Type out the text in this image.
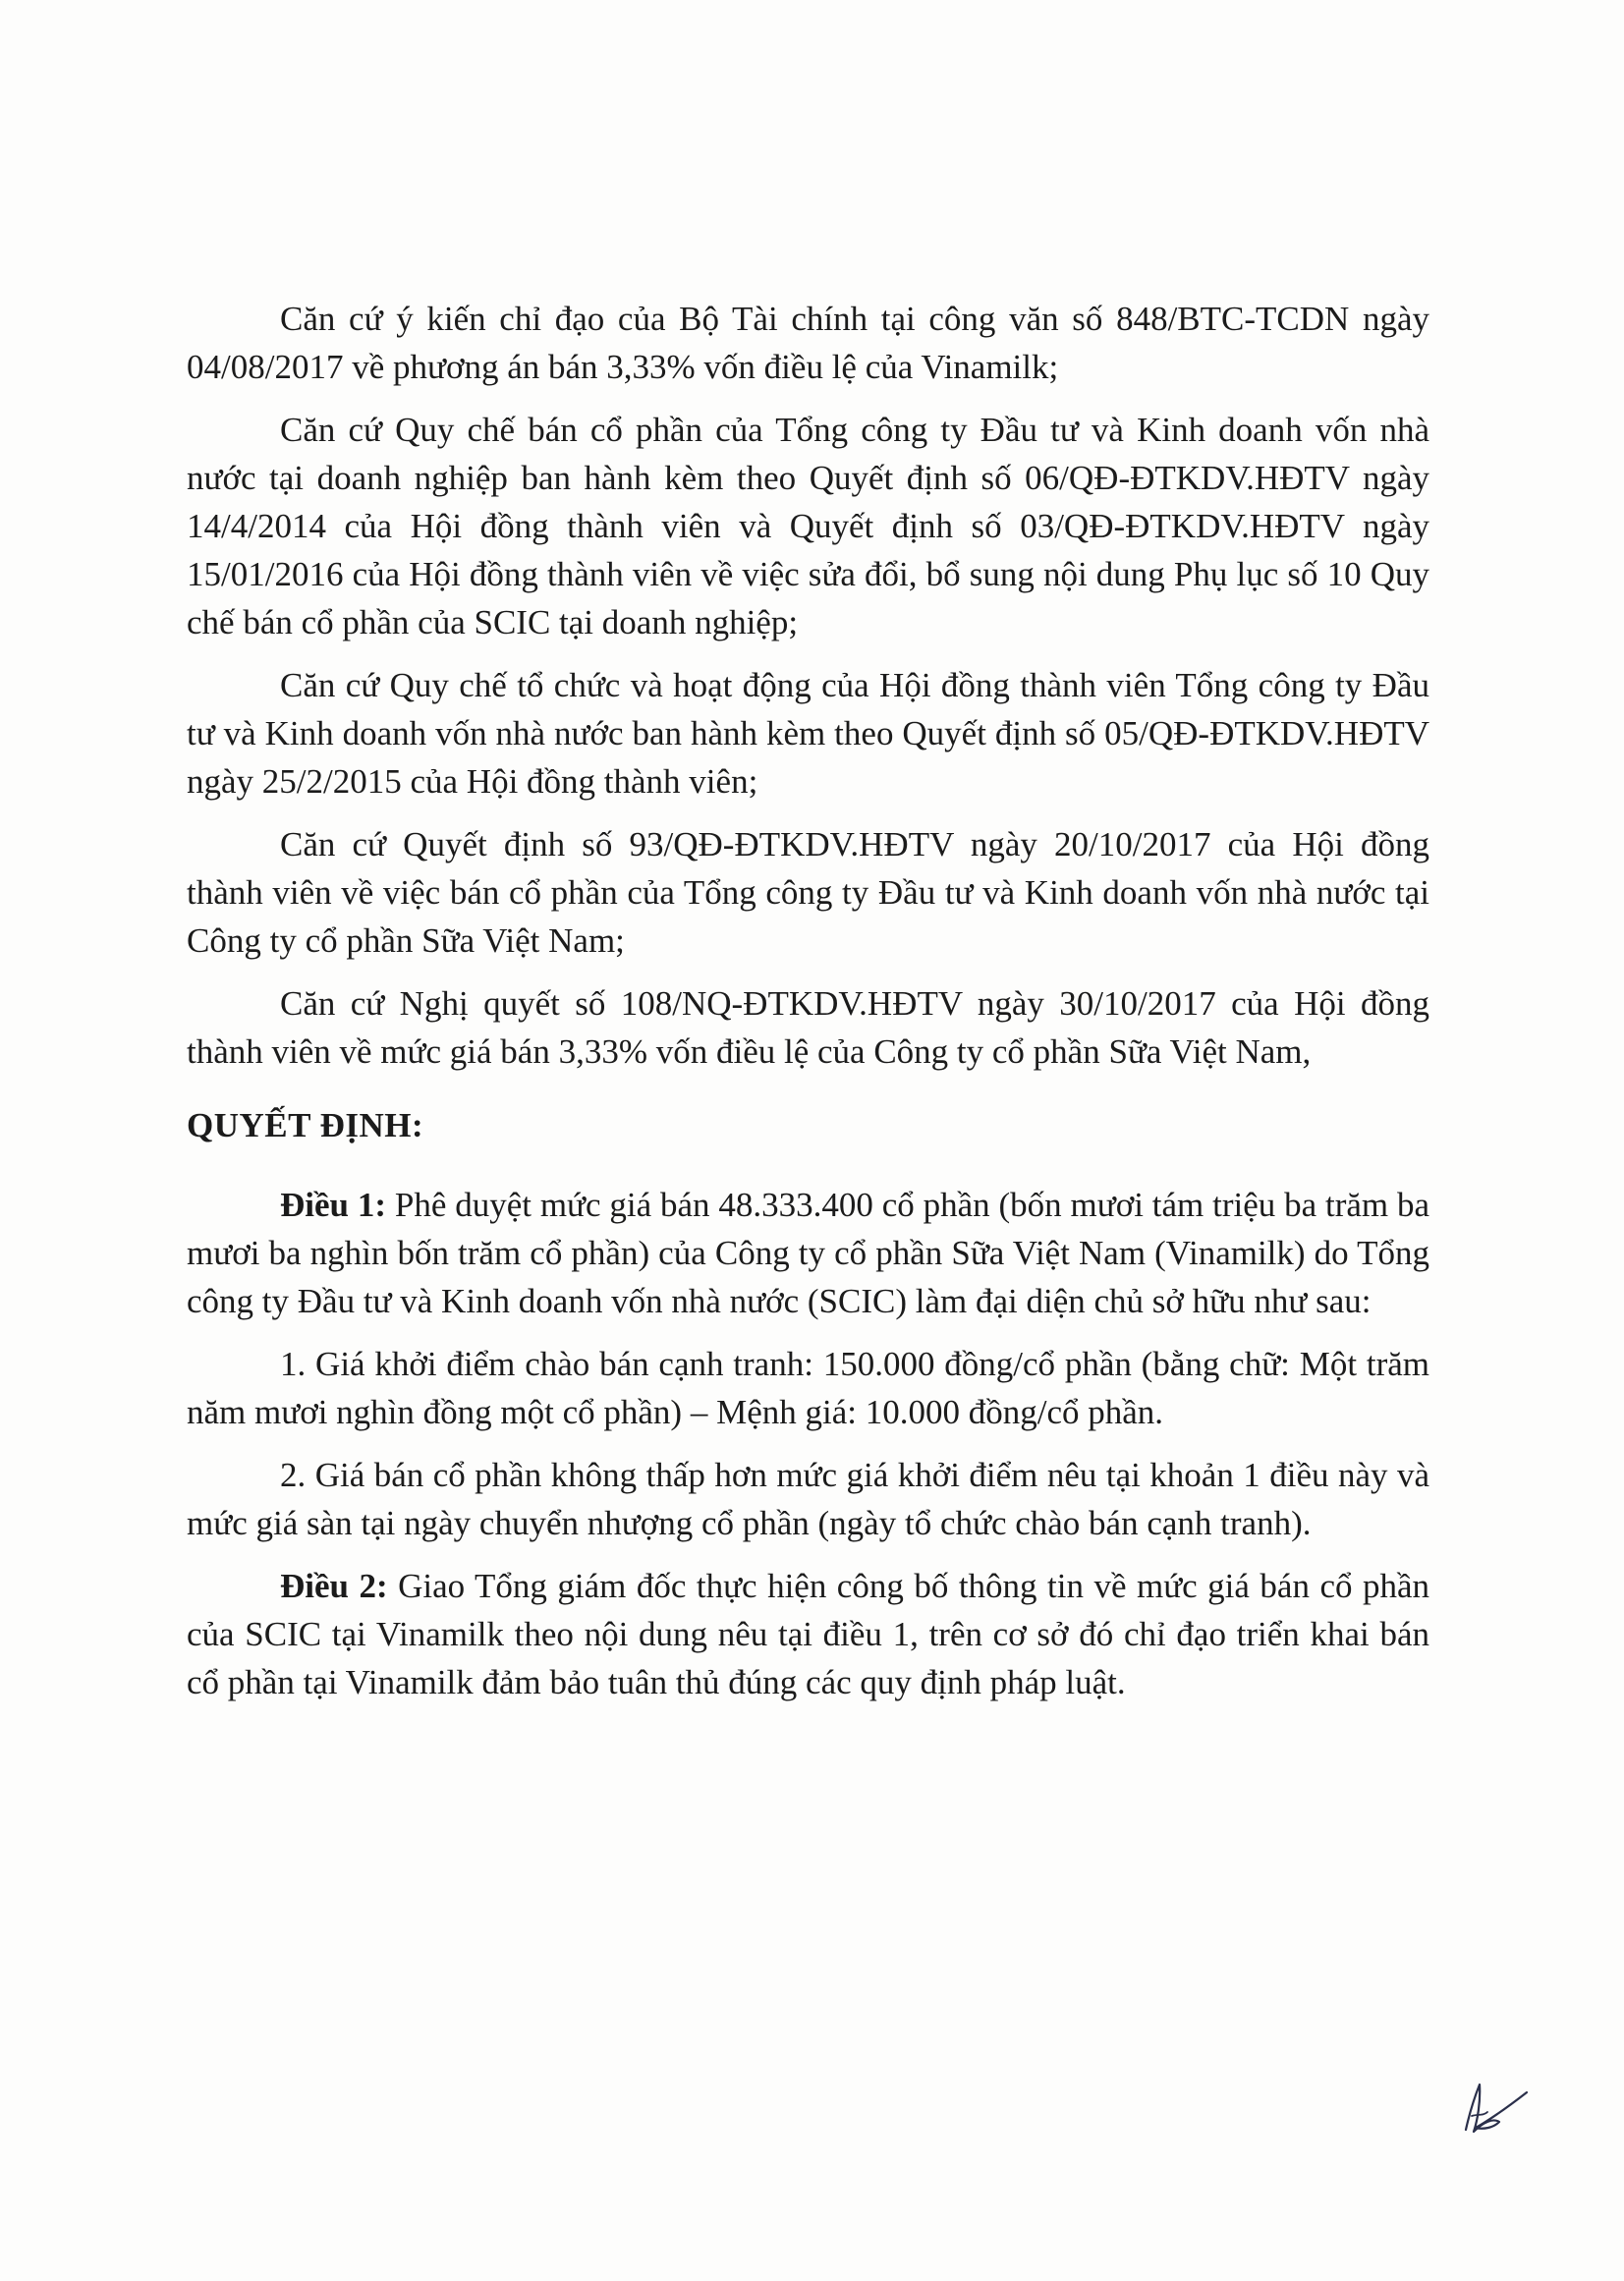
Căn cứ ý kiến chỉ đạo của Bộ Tài chính tại công văn số 848/BTC-TCDN ngày 04/08/2017 về phương án bán 3,33% vốn điều lệ của Vinamilk;

Căn cứ Quy chế bán cổ phần của Tổng công ty Đầu tư và Kinh doanh vốn nhà nước tại doanh nghiệp ban hành kèm theo Quyết định số 06/QĐ-ĐTKDV.HĐTV ngày 14/4/2014 của Hội đồng thành viên và Quyết định số 03/QĐ-ĐTKDV.HĐTV ngày 15/01/2016 của Hội đồng thành viên về việc sửa đổi, bổ sung nội dung Phụ lục số 10 Quy chế bán cổ phần của SCIC tại doanh nghiệp;

Căn cứ Quy chế tổ chức và hoạt động của Hội đồng thành viên Tổng công ty Đầu tư và Kinh doanh vốn nhà nước ban hành kèm theo Quyết định số 05/QĐ-ĐTKDV.HĐTV ngày 25/2/2015 của Hội đồng thành viên;

Căn cứ Quyết định số 93/QĐ-ĐTKDV.HĐTV ngày 20/10/2017 của Hội đồng thành viên về việc bán cổ phần của Tổng công ty Đầu tư và Kinh doanh vốn nhà nước tại Công ty cổ phần Sữa Việt Nam;

Căn cứ Nghị quyết số 108/NQ-ĐTKDV.HĐTV ngày 30/10/2017 của Hội đồng thành viên về mức giá bán 3,33% vốn điều lệ của Công ty cổ phần Sữa Việt Nam,

QUYẾT ĐỊNH:

Điều 1: Phê duyệt mức giá bán 48.333.400 cổ phần (bốn mươi tám triệu ba trăm ba mươi ba nghìn bốn trăm cổ phần) của Công ty cổ phần Sữa Việt Nam (Vinamilk) do Tổng công ty Đầu tư và Kinh doanh vốn nhà nước (SCIC) làm đại diện chủ sở hữu như sau:

1. Giá khởi điểm chào bán cạnh tranh: 150.000 đồng/cổ phần (bằng chữ: Một trăm năm mươi nghìn đồng một cổ phần) – Mệnh giá: 10.000 đồng/cổ phần.

2. Giá bán cổ phần không thấp hơn mức giá khởi điểm nêu tại khoản 1 điều này và mức giá sàn tại ngày chuyển nhượng cổ phần (ngày tổ chức chào bán cạnh tranh).

Điều 2: Giao Tổng giám đốc thực hiện công bố thông tin về mức giá bán cổ phần của SCIC tại Vinamilk theo nội dung nêu tại điều 1, trên cơ sở đó chỉ đạo triển khai bán cổ phần tại Vinamilk đảm bảo tuân thủ đúng các quy định pháp luật.
